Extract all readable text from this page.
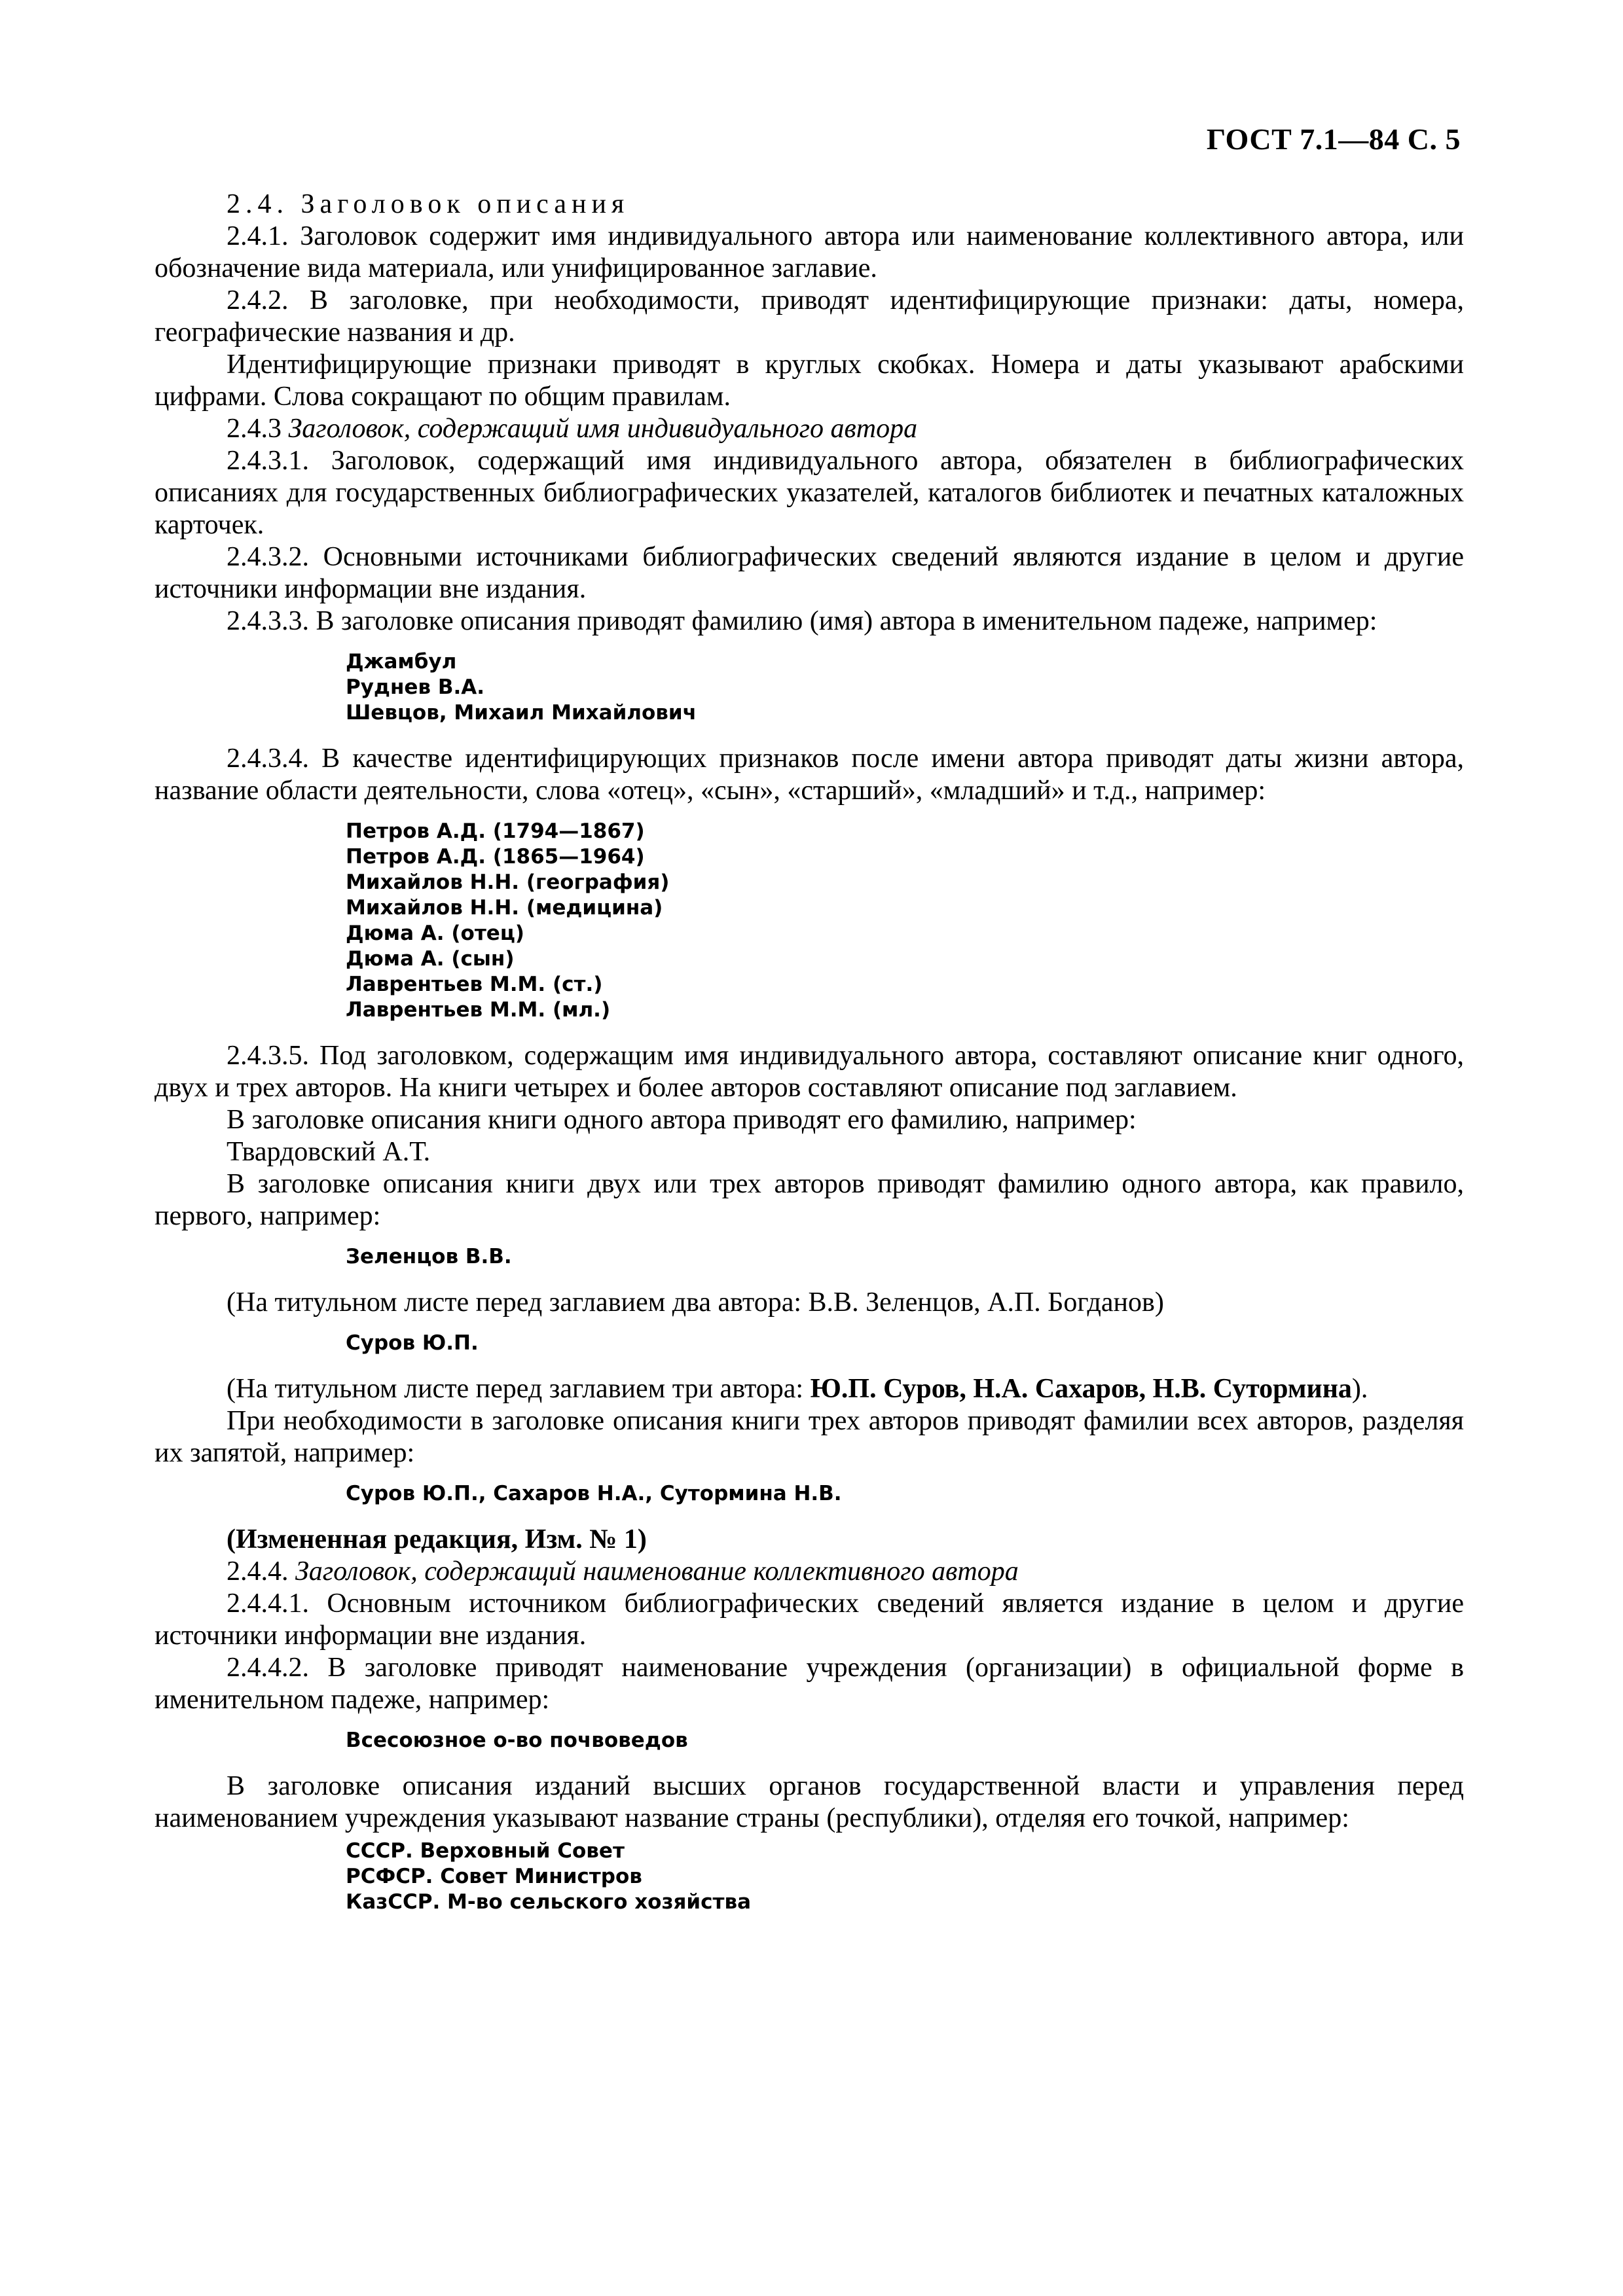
ГОСТ 7.1—84 С. 5

2.4. Заголовок описания

2.4.1. Заголовок содержит имя индивидуального автора или наименование коллективного автора, или обозначение вида материала, или унифицированное заглавие.

2.4.2. В заголовке, при необходимости, приводят идентифицирующие признаки: даты, номера, географические названия и др.

Идентифицирующие признаки приводят в круглых скобках. Номера и даты указывают арабскими цифрами. Слова сокращают по общим правилам.

2.4.3 Заголовок, содержащий имя индивидуального автора

2.4.3.1. Заголовок, содержащий имя индивидуального автора, обязателен в библиографических описаниях для государственных библиографических указателей, каталогов библиотек и печатных каталожных карточек.

2.4.3.2. Основными источниками библиографических сведений являются издание в целом и другие источники информации вне издания.

2.4.3.3. В заголовке описания приводят фамилию (имя) автора в именительном падеже, например:

Джамбул
Руднев В.А.
Шевцов, Михаил Михайлович

2.4.3.4. В качестве идентифицирующих признаков после имени автора приводят даты жизни автора, название области деятельности, слова «отец», «сын», «старший», «младший» и т.д., например:

Петров А.Д. (1794—1867)
Петров А.Д. (1865—1964)
Михайлов Н.Н. (география)
Михайлов Н.Н. (медицина)
Дюма А. (отец)
Дюма А. (сын)
Лаврентьев М.М. (ст.)
Лаврентьев М.М. (мл.)

2.4.3.5. Под заголовком, содержащим имя индивидуального автора, составляют описание книг одного, двух и трех авторов. На книги четырех и более авторов составляют описание под заглавием.

В заголовке описания книги одного автора приводят его фамилию, например:

Твардовский А.Т.

В заголовке описания книги двух или трех авторов приводят фамилию одного автора, как правило, первого, например:

Зеленцов В.В.

(На титульном листе перед заглавием два автора: В.В. Зеленцов, А.П. Богданов)

Суров Ю.П.

(На титульном листе перед заглавием три автора: Ю.П. Суров, Н.А. Сахаров, Н.В. Сутормина).

При необходимости в заголовке описания книги трех авторов приводят фамилии всех авторов, разделяя их запятой, например:

Суров Ю.П., Сахаров Н.А., Сутормина Н.В.

(Измененная редакция, Изм. № 1)

2.4.4. Заголовок, содержащий наименование коллективного автора

2.4.4.1. Основным источником библиографических сведений является издание в целом и другие источники информации вне издания.

2.4.4.2. В заголовке приводят наименование учреждения (организации) в официальной форме в именительном падеже, например:

Всесоюзное о-во почвоведов

В заголовке описания изданий высших органов государственной власти и управления перед наименованием учреждения указывают название страны (республики), отделяя его точкой, например:

СССР. Верховный Совет
РСФСР. Совет Министров
КазССР. М-во сельского хозяйства
